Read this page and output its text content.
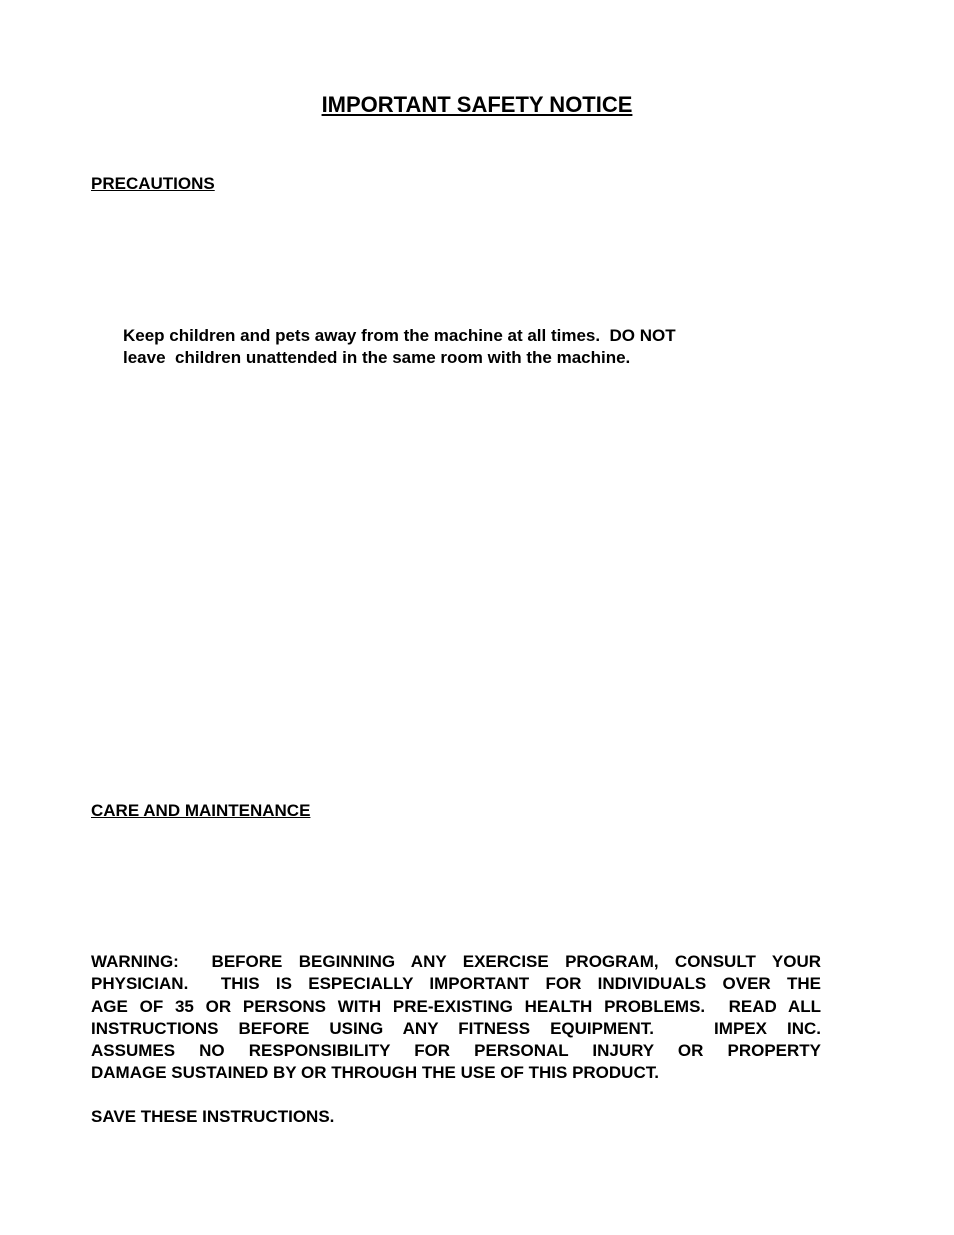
IMPORTANT SAFETY NOTICE
PRECAUTIONS

Keep children and pets away from the machine at all times.  DO NOT
leave  children unattended in the same room with the machine.

CARE AND MAINTENANCE
WARNING:  BEFORE BEGINNING ANY EXERCISE PROGRAM, CONSULT YOUR
PHYSICIAN.  THIS IS ESPECIALLY IMPORTANT FOR INDIVIDUALS OVER THE
AGE OF 35 OR PERSONS WITH PRE-EXISTING HEALTH PROBLEMS.  READ ALL
INSTRUCTIONS BEFORE USING ANY FITNESS EQUIPMENT.   IMPEX INC.
ASSUMES NO RESPONSIBILITY FOR PERSONAL INJURY OR PROPERTY
DAMAGE SUSTAINED BY OR THROUGH THE USE OF THIS PRODUCT.

SAVE THESE INSTRUCTIONS.
